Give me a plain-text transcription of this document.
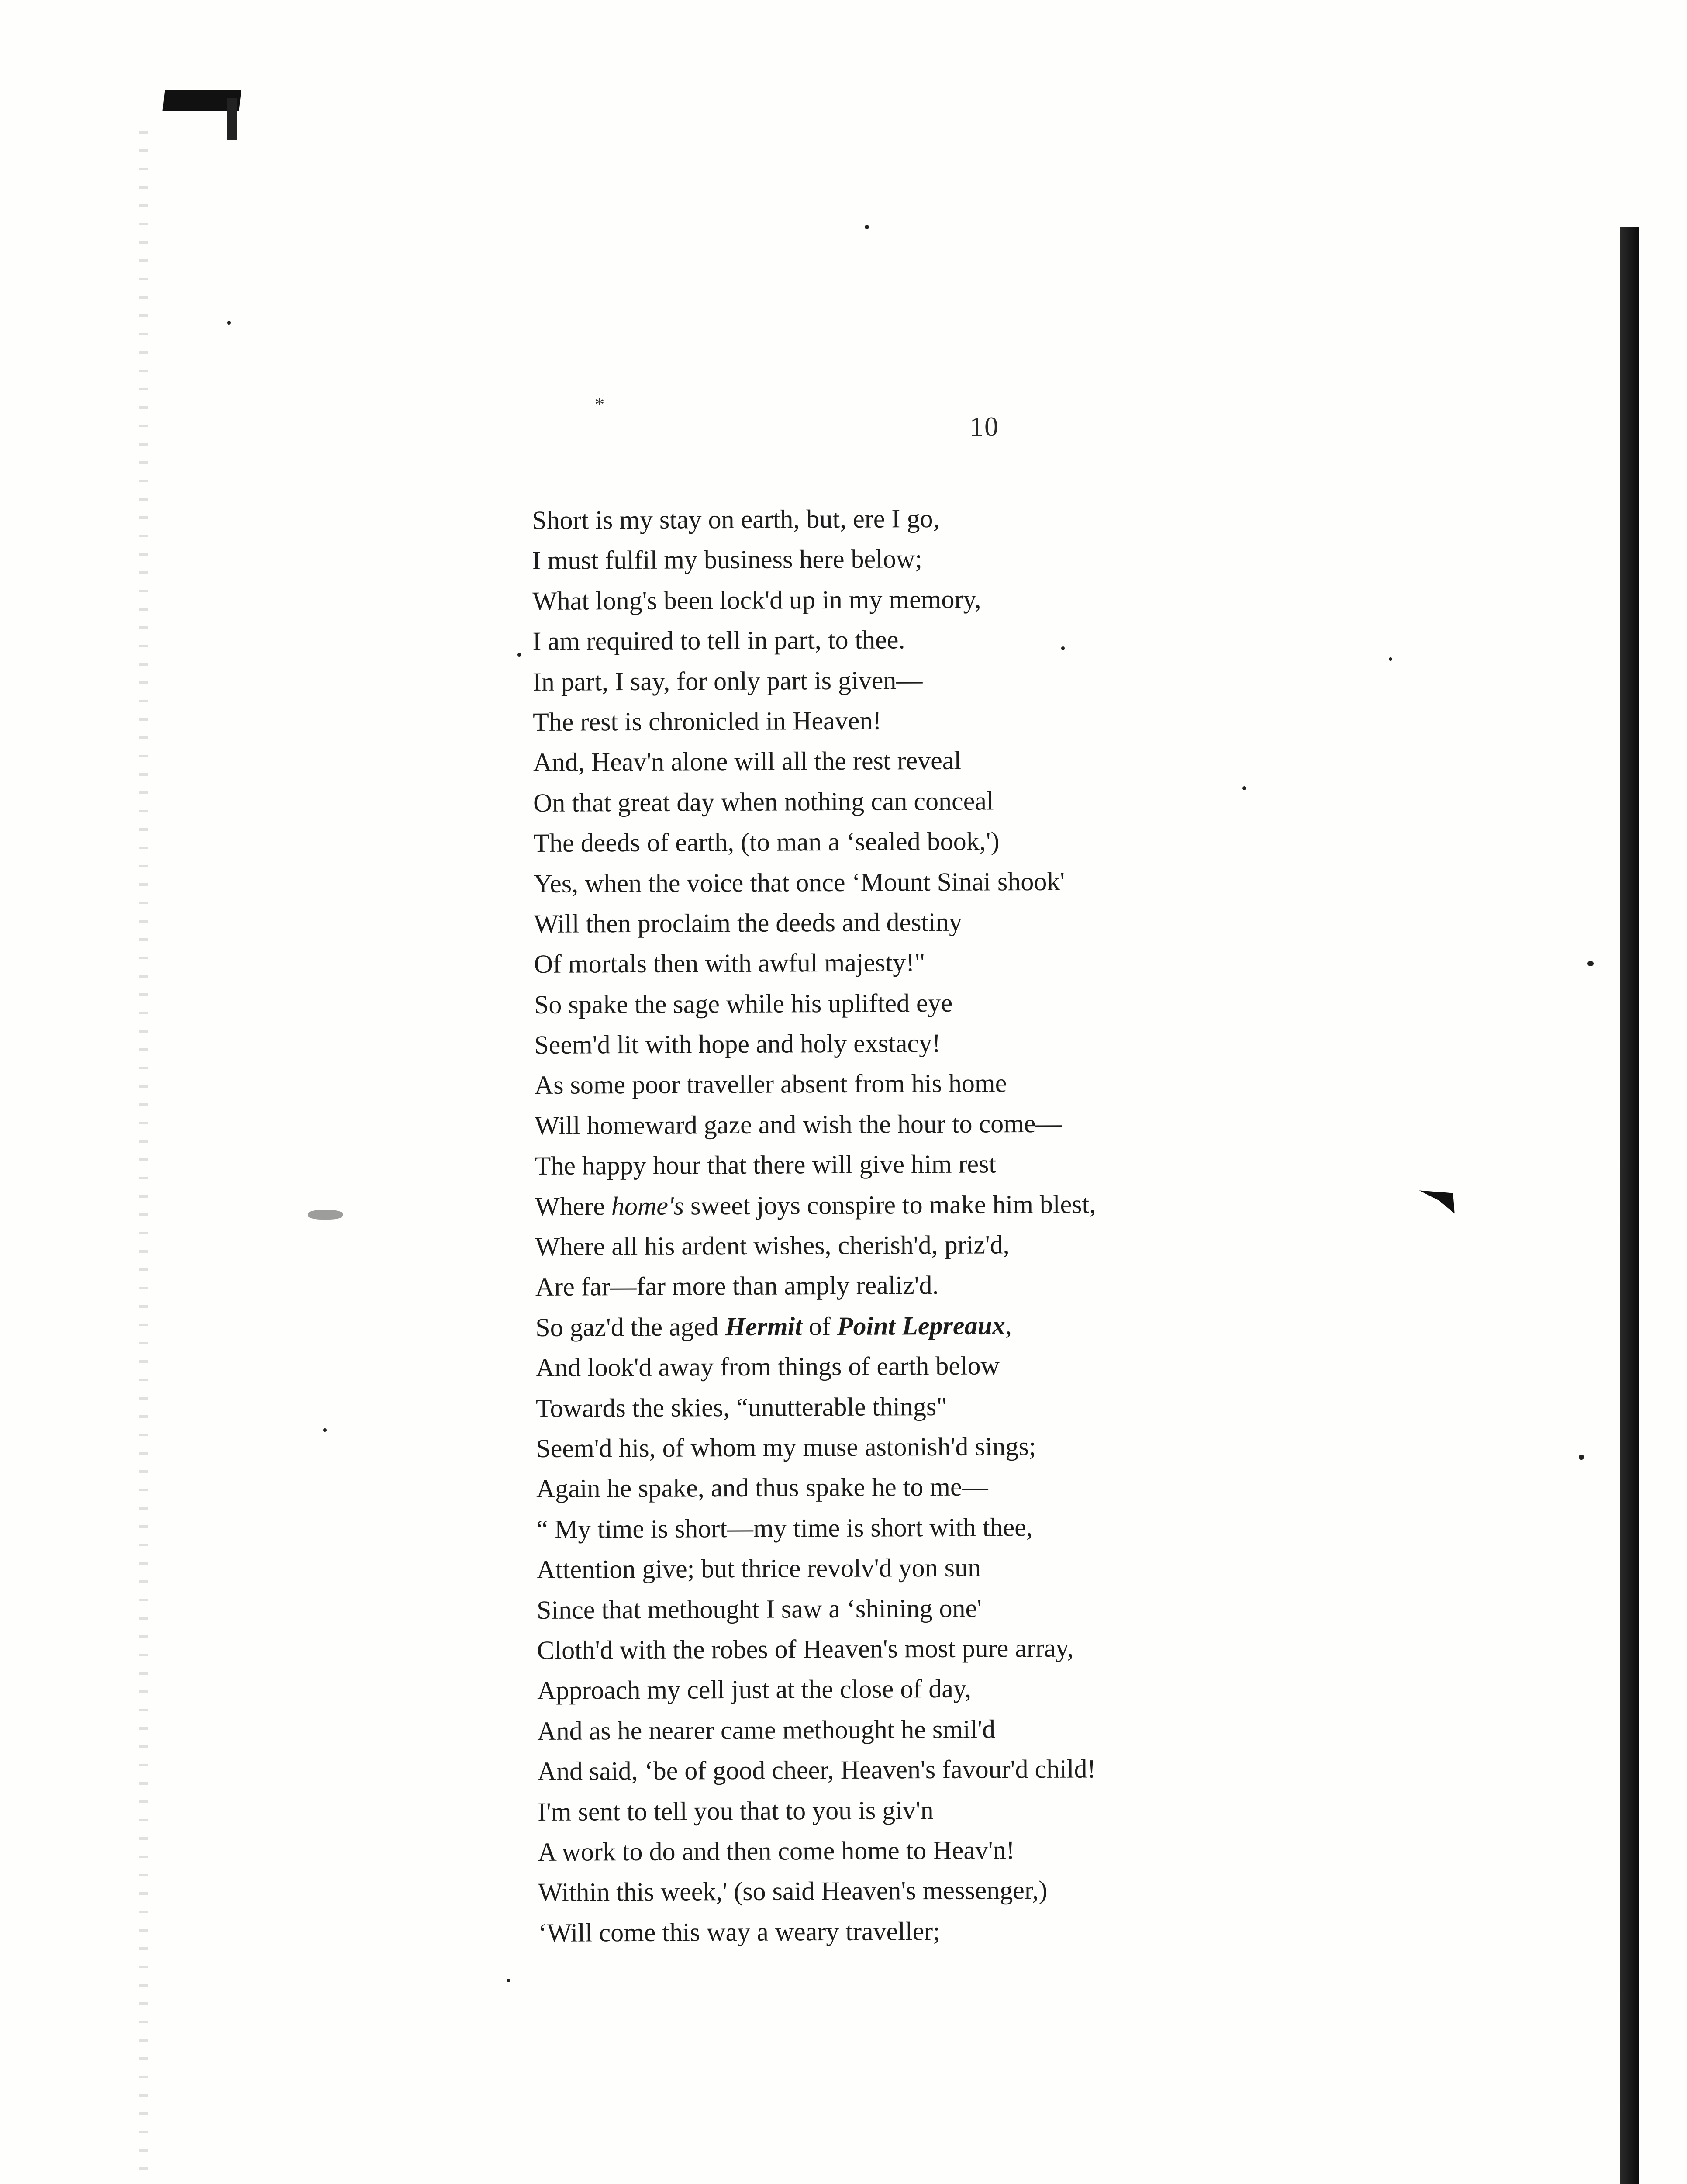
*
10
Short is my stay on earth, but, ere I go,
I must fulfil my business here below;
What long's been lock'd up in my memory,
I am required to tell in part, to thee.
In part, I say, for only part is given—
The rest is chronicled in Heaven!
And, Heav'n alone will all the rest reveal
On that great day when nothing can conceal
The deeds of earth, (to man a ‘sealed book,')
Yes, when the voice that once ‘Mount Sinai shook'
Will then proclaim the deeds and destiny
Of mortals then with awful majesty!"
So spake the sage while his uplifted eye
Seem'd lit with hope and holy exstacy!
As some poor traveller absent from his home
Will homeward gaze and wish the hour to come—
The happy hour that there will give him rest
Where home's sweet joys conspire to make him blest,
Where all his ardent wishes, cherish'd, priz'd,
Are far—far more than amply realiz'd.
So gaz'd the aged Hermit of Point Lepreaux,
And look'd away from things of earth below
Towards the skies, “unutterable things"
Seem'd his, of whom my muse astonish'd sings;
Again he spake, and thus spake he to me—
“ My time is short—my time is short with thee,
Attention give; but thrice revolv'd yon sun
Since that methought I saw a ‘shining one'
Cloth'd with the robes of Heaven's most pure array,
Approach my cell just at the close of day,
And as he nearer came methought he smil'd
And said, ‘be of good cheer, Heaven's favour'd child!
I'm sent to tell you that to you is giv'n
A work to do and then come home to Heav'n!
Within this week,' (so said Heaven's messenger,)
‘Will come this way a weary traveller;
